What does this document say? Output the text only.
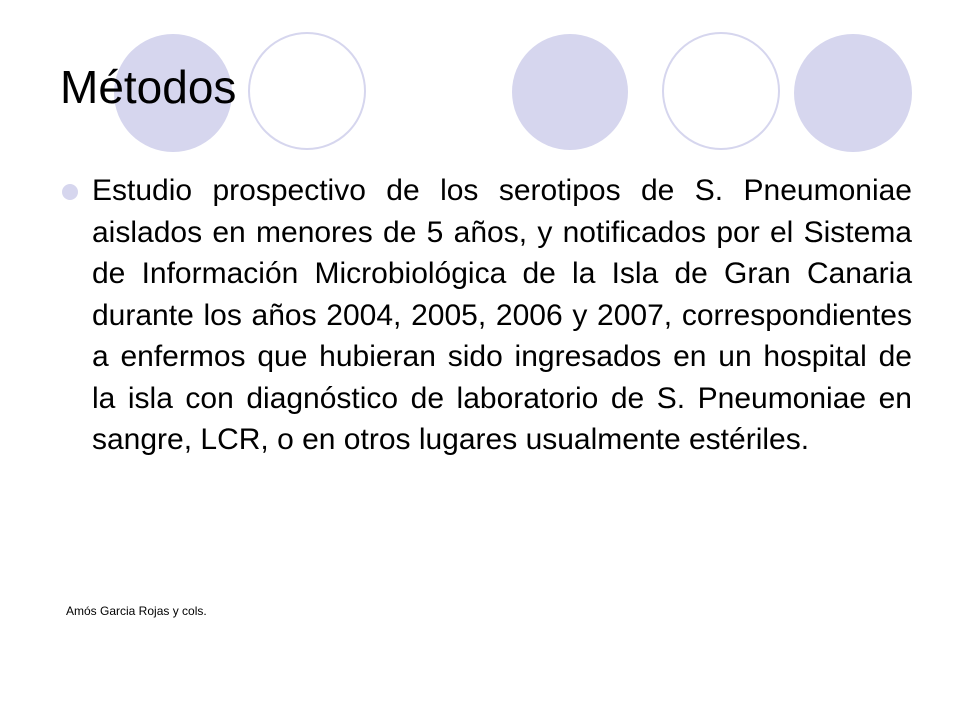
Métodos
Estudio prospectivo de los serotipos de S. Pneumoniae aislados en menores de 5 años, y notificados por el Sistema de Información Microbiológica de la Isla de Gran Canaria durante los años 2004, 2005, 2006 y 2007, correspondientes a enfermos que hubieran sido ingresados en un hospital de la isla con diagnóstico de laboratorio de S. Pneumoniae en sangre, LCR, o en otros lugares usualmente estériles.
Amós Garcia Rojas y cols.
